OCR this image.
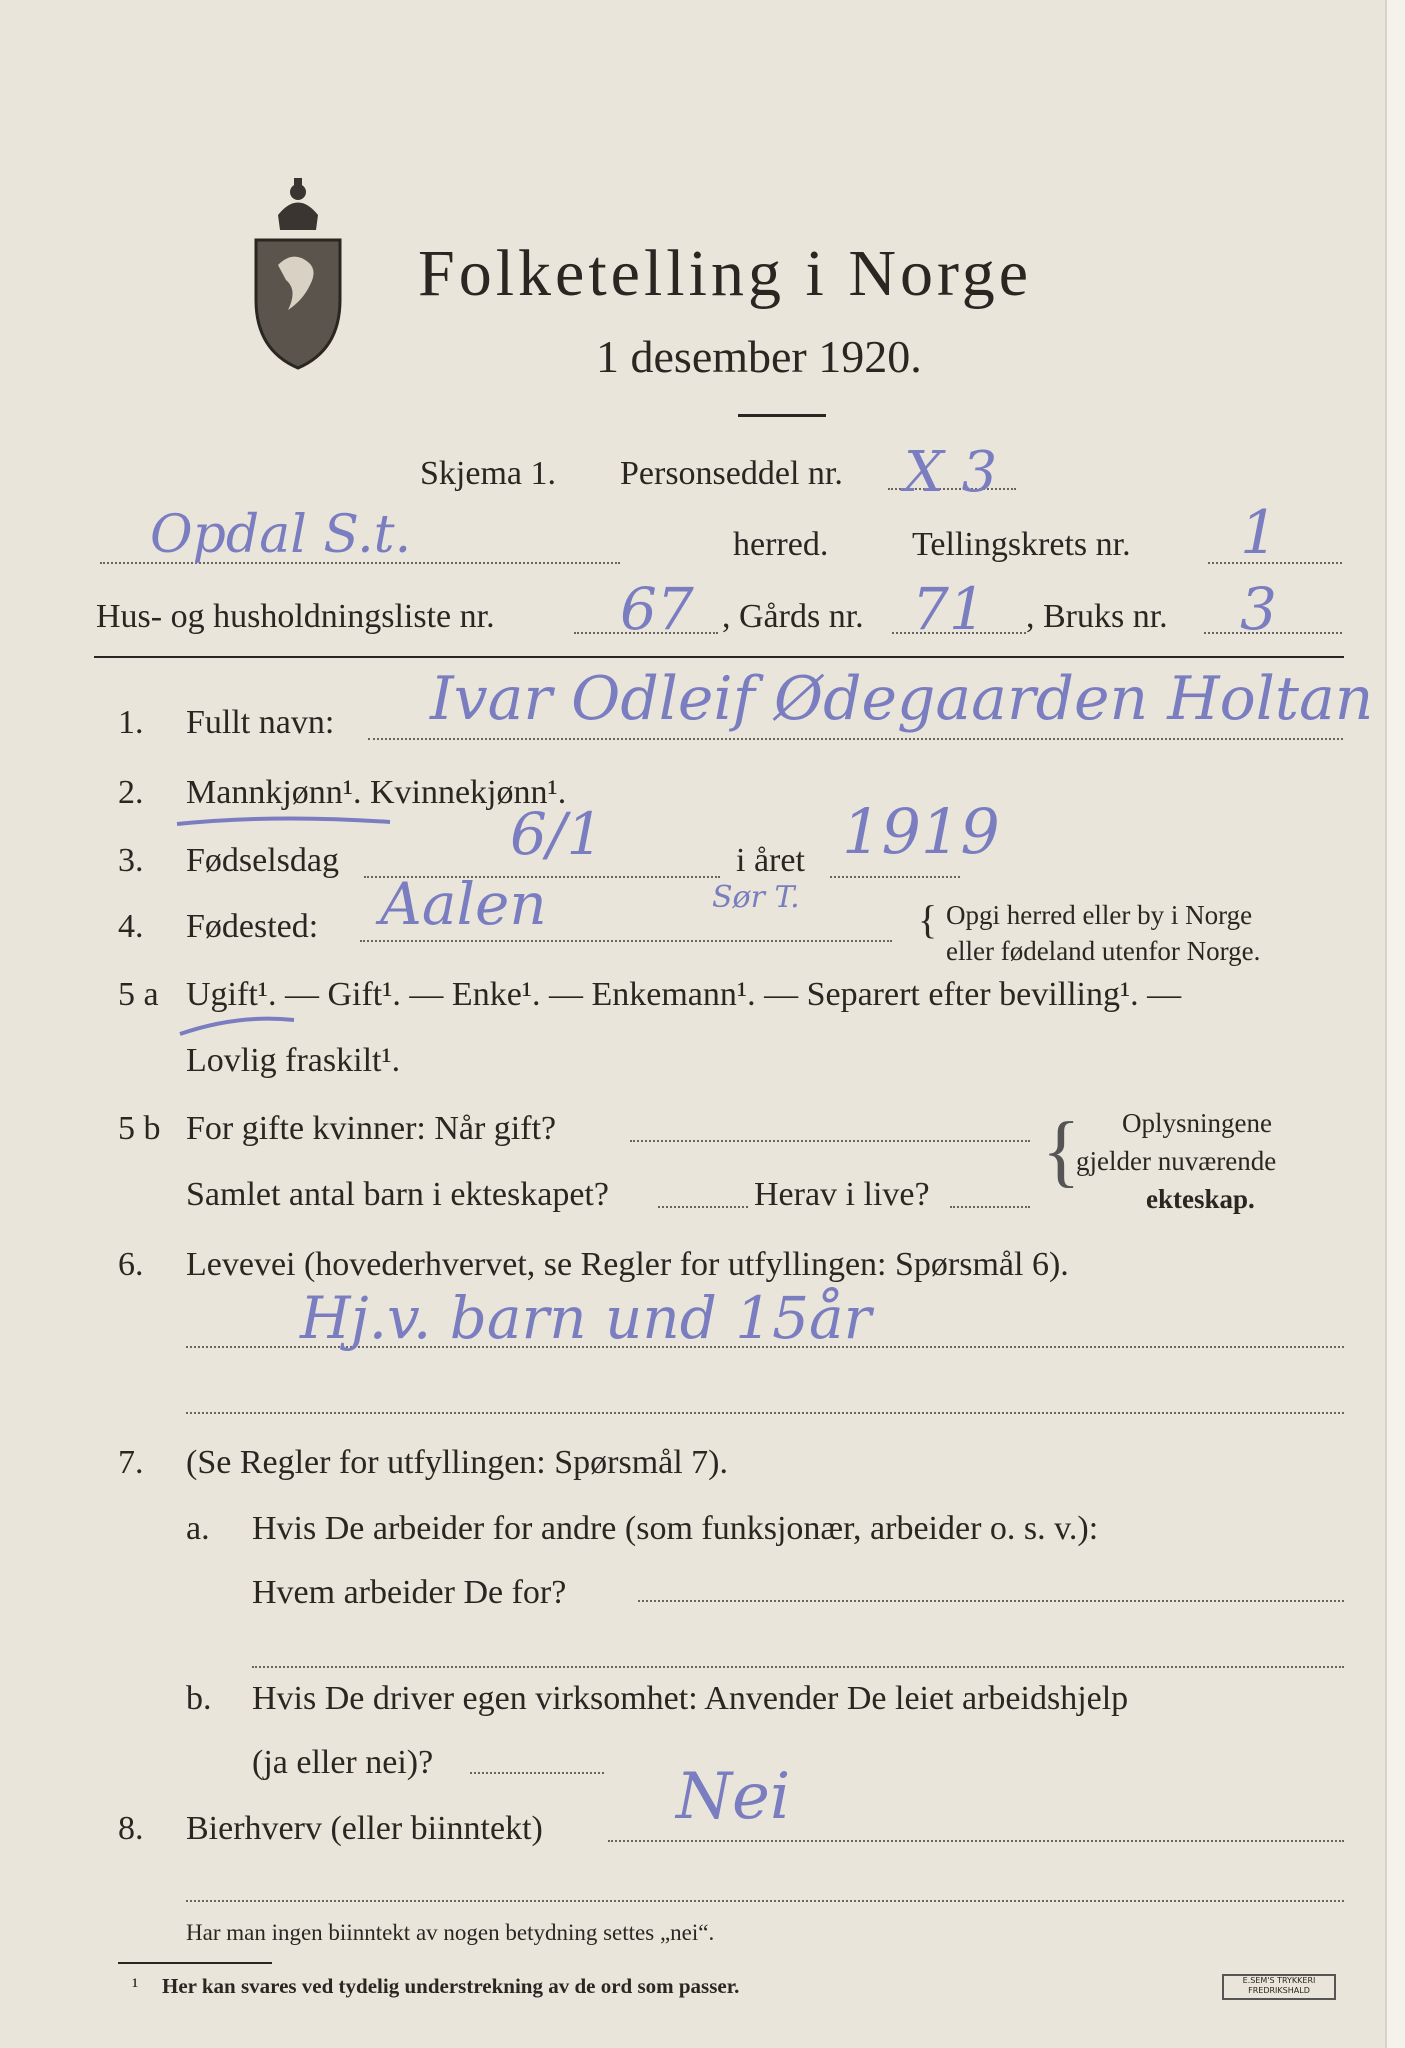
Folketelling i Norge
1 desember 1920.
Skjema 1. Personseddel nr. X 3
Opdal S.t.	herred. Tellingskrets nr. 1
Hus- og husholdningsliste nr. 67 , Gårds nr. 71 , Bruks nr. 3
1. Fullt navn: Ivar Odleif Ødegaarden Holtan
2. Mannkjønn¹. Kvinnekjønn¹.
3. Fødselsdag	6/1	i året 1919
4. Fødested: Aalen	Sør T.	{ Opgi herred eller by i Norge
eller fødeland utenfor Norge.
5 a Ugift¹. — Gift¹. — Enke¹. — Enkemann¹. — Separert efter bevilling¹. —
Lovlig fraskilt¹.
5 b For gifte kvinner: Når gift?
Samlet antal barn i ekteskapet?	Herav i live? { Oplysningene
gjelder nuværende
ekteskap.
6. Levevei (hovederhvervet, se Regler for utfyllingen: Spørsmål 6).
Hj.v. barn und 15år
7. (Se Regler for utfyllingen: Spørsmål 7).
a. Hvis De arbeider for andre (som funksjonær, arbeider o. s. v.):
Hvem arbeider De for?
b. Hvis De driver egen virksomhet: Anvender De leiet arbeidshjelp
(ja eller nei)?
8. Bierhverv (eller biinntekt) Nei
Har man ingen biinntekt av nogen betydning settes „nei“.
¹ Her kan svares ved tydelig understrekning av de ord som passer.	E.SEM'S TRYKKERI FREDRIKSHALD
